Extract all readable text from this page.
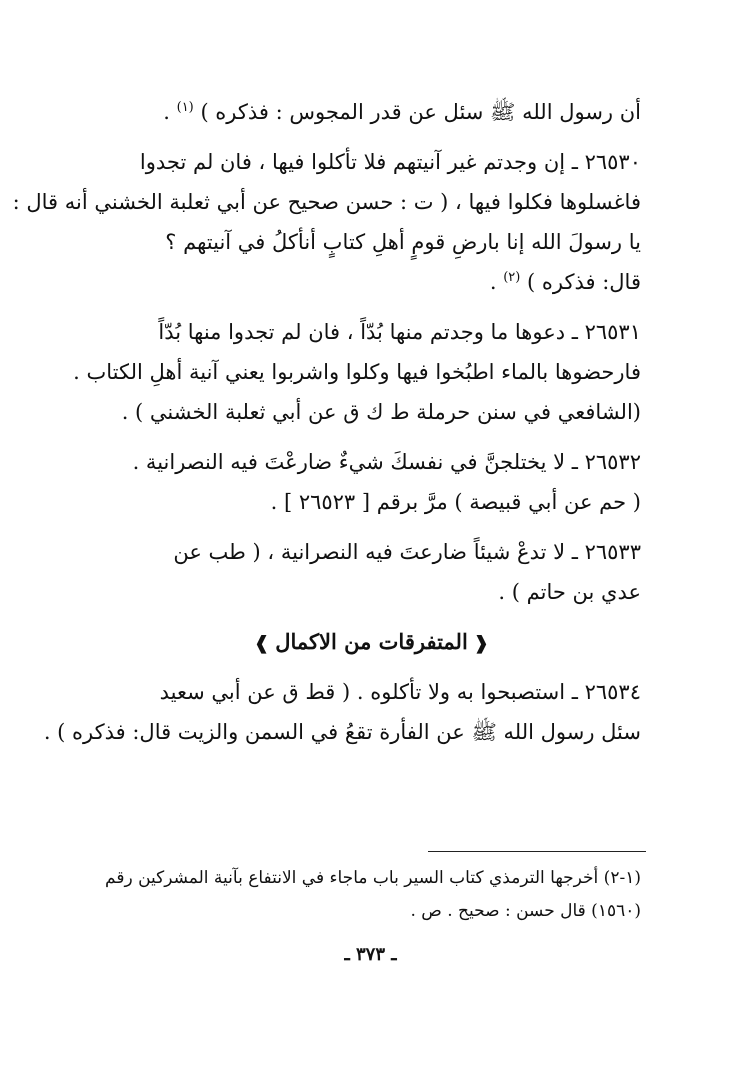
أن رسول الله ﷺ سئل عن قدر المجوس : فذكره ) $^{(١)}$ .

٢٦٥٣٠ ـ إن وجدتم غير آنيتهم فلا تأكلوا فيها ، فان لم تجدوا
فاغسلوها فكلوا فيها ، ( ت : حسن صحيح عن أبي ثعلبة الخشني أنه قال :
يا رسولَ الله إنا بارضِ قومٍ أهلِ كتابٍ أنأكلُ في آنيتهم ؟
قال: فذكره ) $^{(٢)}$ .

٢٦٥٣١ ـ دعوها ما وجدتم منها بُدّاً ، فان لم تجدوا منها بُدّاً
فارحضوها بالماء اطبُخوا فيها وكلوا واشربوا يعني آنية أهلِ الكتاب .
(الشافعي في سنن حرملة ط ك ق عن أبي ثعلبة الخشني ) .

٢٦٥٣٢ ـ لا يختلجنَّ في نفسكَ شيءٌ ضارعْتَ فيه النصرانية .
( حم عن أبي قبيصة ) مرَّ برقم [ ٢٦٥٢٣ ] .

٢٦٥٣٣ ـ لا تدعْ شيئاً ضارعتَ فيه النصرانية ، ( طب عن
عدي بن حاتم ) .

❰المتفرقات من الاكمال❱

٢٦٥٣٤ ـ استصبحوا به ولا تأكلوه . ( قط ق عن أبي سعيد
سئل رسول الله ﷺ عن الفأرة تقعُ في السمن والزيت قال: فذكره ) .

(١-٢) أخرجها الترمذي كتاب السير باب ماجاء في الانتفاع بآنية المشركين رقم
(١٥٦٠) قال حسن : صحيح . ص .
ـ ٣٧٣ ـ
